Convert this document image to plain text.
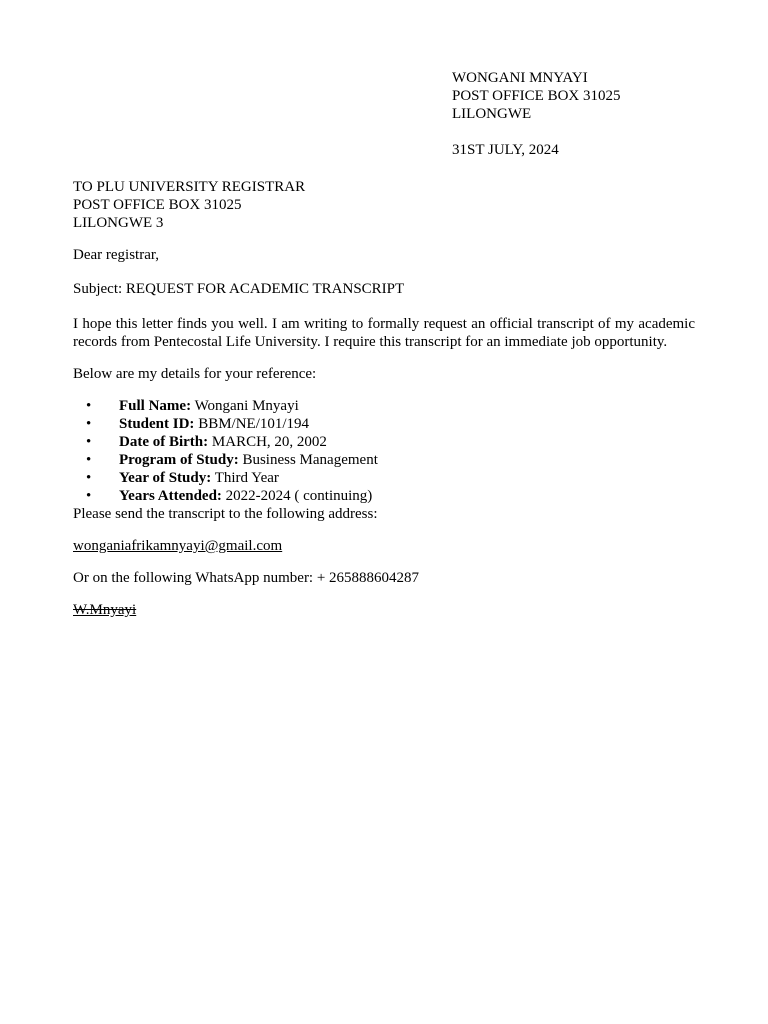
WONGANI MNYAYI
POST OFFICE BOX 31025
LILONGWE
31ST JULY, 2024
TO PLU UNIVERSITY REGISTRAR
POST OFFICE BOX 31025
LILONGWE 3
Dear registrar,
Subject: REQUEST FOR ACADEMIC TRANSCRIPT
I hope this letter finds you well. I am writing to formally request an official transcript of my academic records from Pentecostal Life University. I require this transcript for an immediate job opportunity.
Below are my details for your reference:
• Full Name: Wongani Mnyayi
• Student ID: BBM/NE/101/194
• Date of Birth: MARCH, 20, 2002
• Program of Study: Business Management
• Year of Study: Third Year
• Years Attended: 2022-2024 ( continuing)
Please send the transcript to the following address:
wonganiafrikamnyayi@gmail.com
Or on the following WhatsApp number: + 265888604287
W.Mnyayi
